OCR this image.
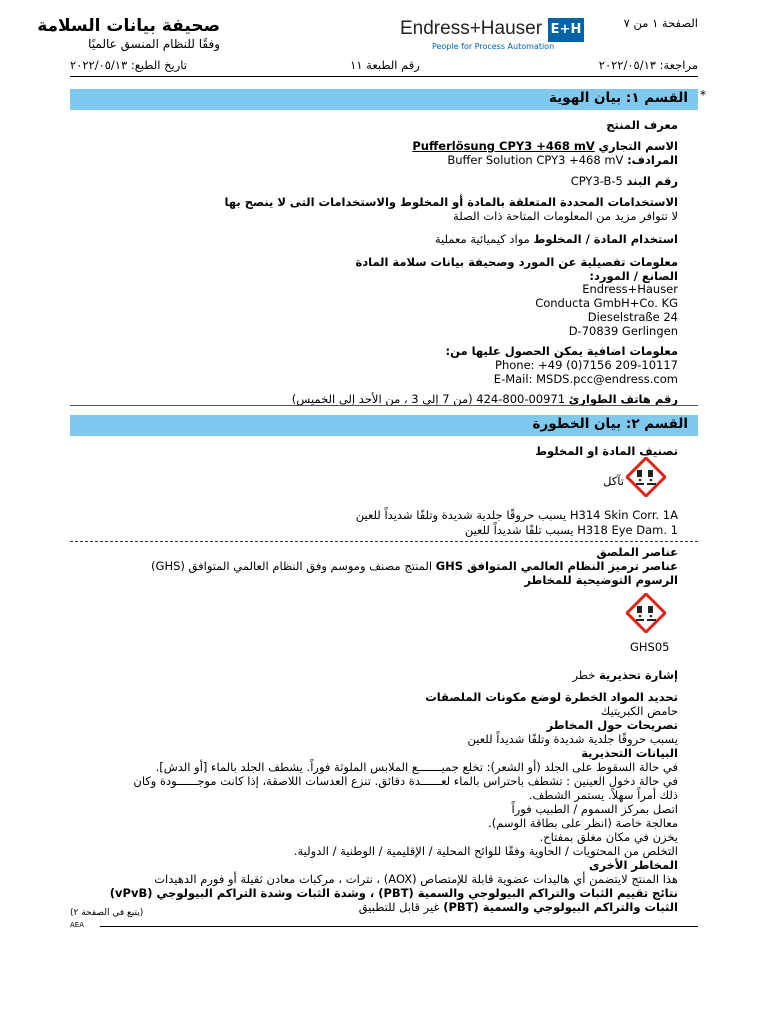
صحيفة بيانات السلامة
وفقًا للنظام المنسق عالميًا
Endress+Hauser E+H
People for Process Automation
الصفحة ١ من ٧
مراجعة: ٢٠٢٢/٠٥/١٣
رقم الطبعة ١١
تاريخ الطبع: ٢٠٢٢/٠٥/١٣
*
القسم ١: بيان الهوية
معرف المنتج
الاسم التجاري Pufferlösung CPY3 +468 mV
المرادف: Buffer Solution CPY3 +468 mV
رقم البند CPY3-B-5
الاستخدامات المحددة المتعلقة بالمادة أو المخلوط والاستخدامات التى لا ينصح بها
لا تتوافر مزيد من المعلومات المتاحة ذات الصلة
استخدام المادة / المخلوط مواد كيميائية معملية
معلومات تفصيلية عن المورد وصحيفة بيانات سلامة المادة
الصانع / المورد:
Endress+Hauser
Conducta GmbH+Co. KG
Dieselstraße 24
D-70839 Gerlingen
معلومات اضافية يمكن الحصول عليها من:
Phone: +49 (0)7156 209-10117
E-Mail: MSDS.pcc@endress.com
رقم هاتف الطوارئ 00971-800-424 (من 7 إلى 3 ، من الأحد إلى الخميس)
القسم ٢: بيان الخطورة
تصنيف المادة او المخلوط
تآكل
H314 Skin Corr. 1A يسبب حروقًا جلدية شديدة وتلفًا شديداً للعين
H318 Eye Dam. 1 يسبب تلفًا شديداً للعين
عناصر الملصق
عناصر ترميز النظام العالمي المتوافق GHS المنتج مصنف وموسم وفق النظام العالمي المتوافق (GHS)
الرسوم التوضيحية للمخاطر
GHS05
إشارة تحذيرية خطر
تحديد المواد الخطرة لوضع مكونات الملصقات
حامض الكبريتيك
تصريحات حول المخاطر
يسبب حروقًا جلدية شديدة وتلفًا شديداً للعين
البيانات التحذيرية
في حالة السقوط على الجلد (أو الشعر): تخلع جميـــــــع الملابس الملوثة فوراً. يشطف الجلد بالماء [أو الدش].
في حالة دخول العينين : تشطف باحتراس بالماء لعــــــدة دقائق. تنزع العدسات اللاصقة، إذا كانت موجــــــودة وكان
ذلك أمراً سهلاً. يستمر الشطف.
اتصل بمركز السموم / الطبيب فوراً
معالجة خاصة (انظر على بطاقة الوسم).
يخزن في مكان مغلق بمفتاح.
التخلص من المحتويات / الحاوية وفقًا للوائح المحلية / الإقليمية / الوطنية / الدولية.
المخاطر الأخرى
هذا المنتج لايتضمن أي هاليدات عضوية قابلة للإمتصاص (AOX) ، نترات ، مركبات معادن ثقيلة أو فورم الدهيدات
نتائج تقييم الثبات والتراكم البيولوجي والسمية (PBT) ، وشدة الثبات وشدة التراكم البيولوجي (vPvB)
الثبات والتراكم البيولوجي والسمية (PBT) غير قابل للتطبيق
(يتبع في الصفحة ٢)
AEA
